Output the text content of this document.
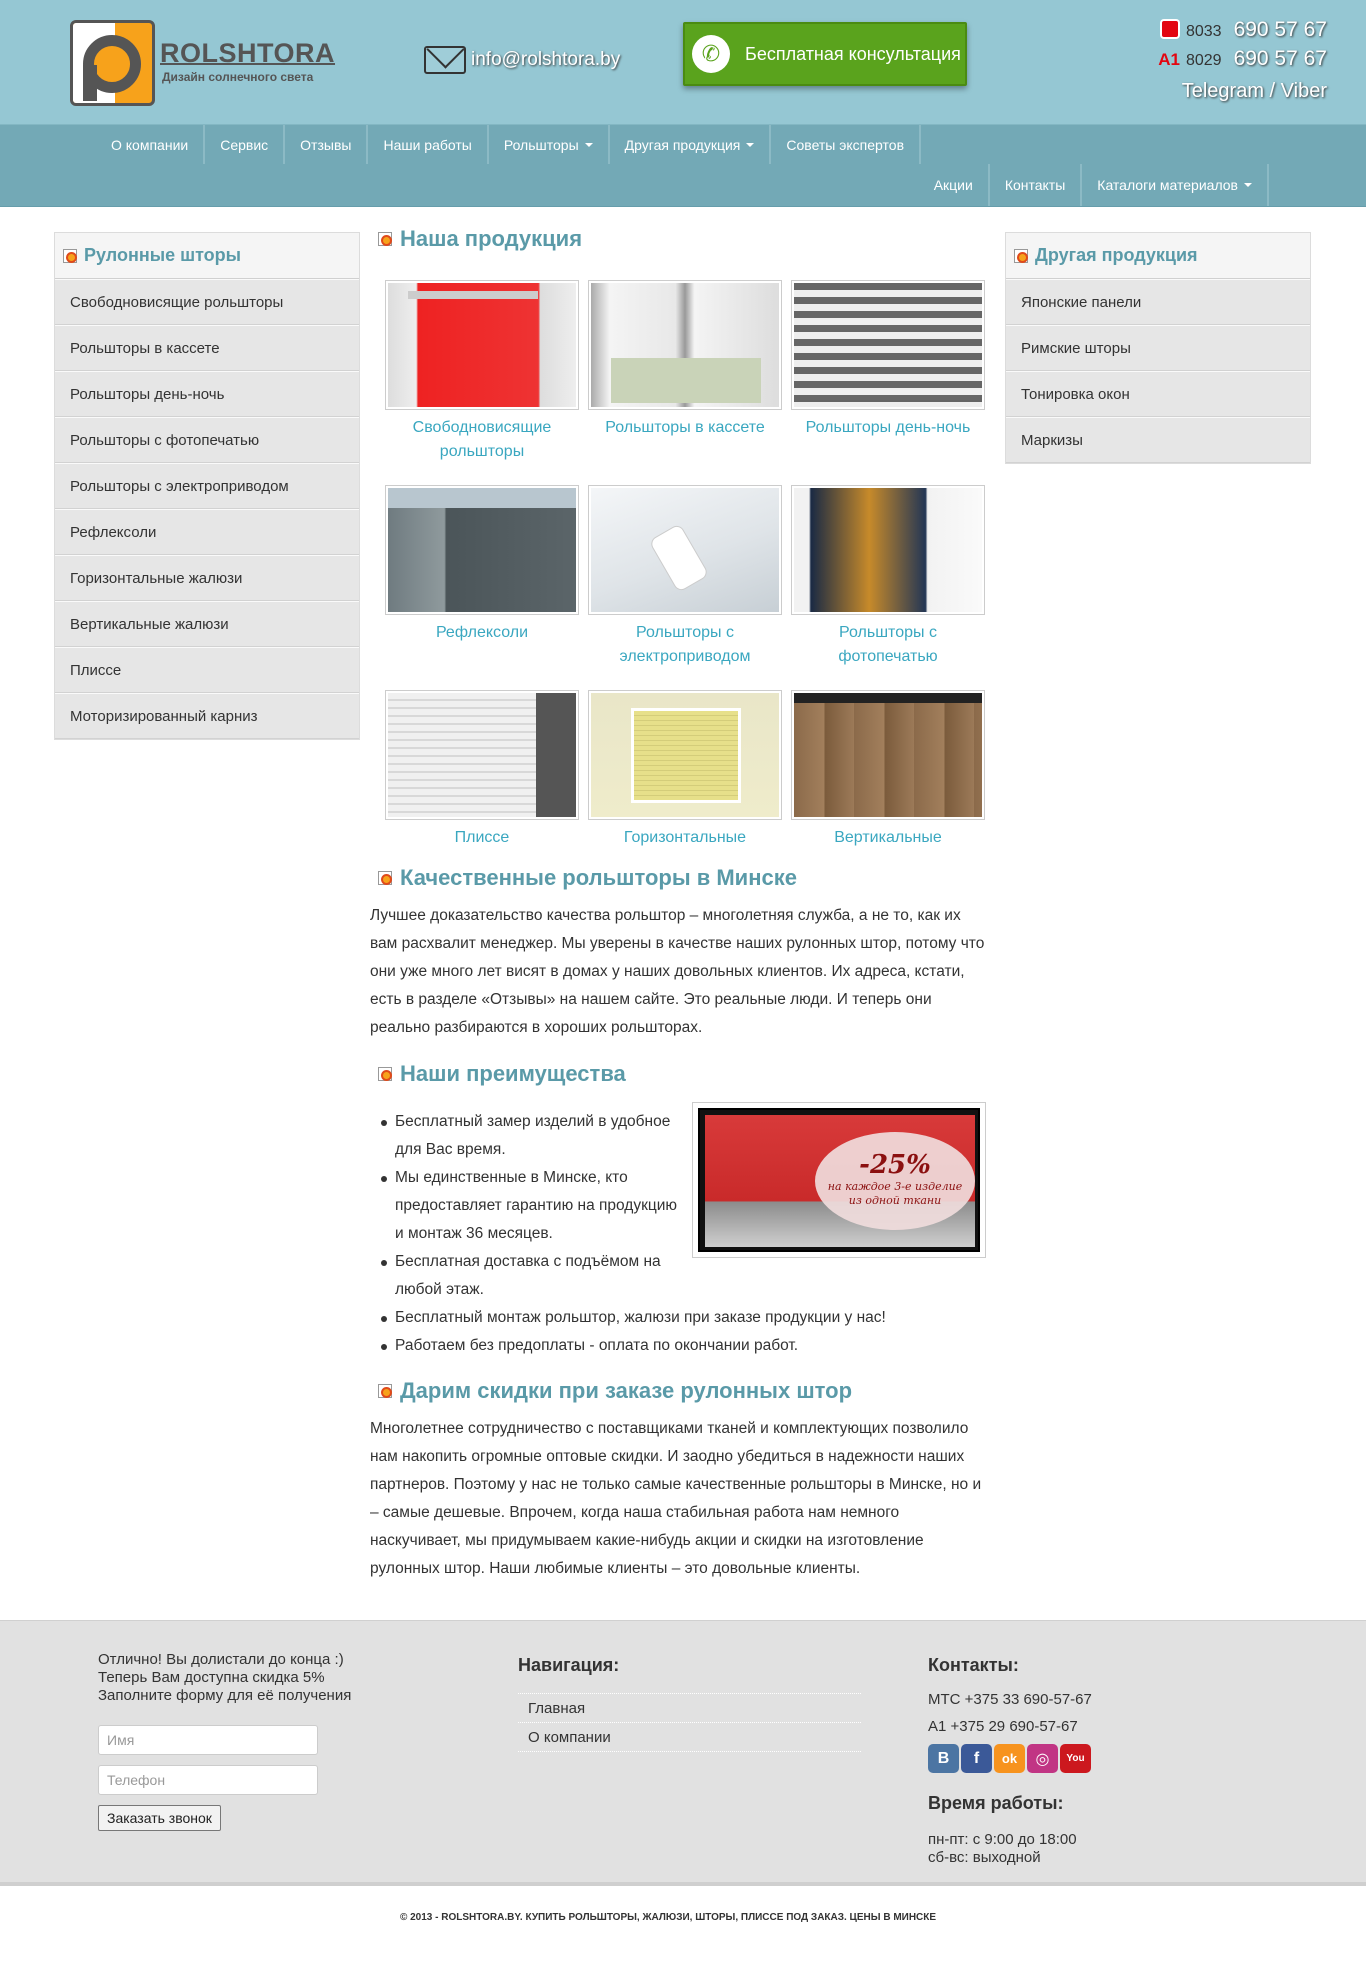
ROLSHTORA
Дизайн солнечного света
info@rolshtora.by	✆	Бесплатная консультация
8033 690 57 67
A1 8029 690 57 67
Telegram / Viber
О компании Сервис Отзывы Наши работы Рольшторы	Другая продукция	Советы экспертов
Акции Контакты Каталоги материалов
Рулонные шторы
Свободновисящие рольшторы
Рольшторы в кассете
Рольшторы день-ночь
Рольшторы с фотопечатью
Рольшторы с электроприводом
Рефлексоли
Горизонтальные жалюзи
Вертикальные жалюзи
Плиссе
Моторизированный карниз
Другая продукция
Японские панели
Римские шторы
Тонировка окон
Маркизы
Наша продукция
Свободновисящие рольшторы
Рольшторы в кассете	Рольшторы день-ночь
Рефлексоли	Рольшторы с электроприводом
Рольшторы с фотопечатью
Плиссе	Горизонтальные	Вертикальные
Качественные рольшторы в Минске
Лучшее доказательство качества рольштор – многолетняя служба, а не то, как их вам расхвалит менеджер. Мы уверены в качестве наших рулонных штор, потому что они уже много лет висят в домах у наших довольных клиентов. Их адреса, кстати, есть в разделе «Отзывы» на нашем сайте. Это реальные люди. И теперь они реально разбираются в хороших рольшторах.
Наши преимущества
Бесплатный замер изделий в удобное для Вас время.
Мы единственные в Минске, кто предоставляет гарантию на продукцию и монтаж 36 месяцев.
Бесплатная доставка с подъёмом на любой этаж.
Бесплатный монтаж рольштор, жалюзи при заказе продукции у нас!
Работаем без предоплаты - оплата по окончании работ.
-25%
на каждое 3-е изделие
из одной ткани
Дарим скидки при заказе рулонных штор
Многолетнее сотрудничество с поставщиками тканей и комплектующих позволило нам накопить огромные оптовые скидки. И заодно убедиться в надежности наших партнеров. Поэтому у нас не только самые качественные рольшторы в Минске, но и – самые дешевые. Впрочем, когда наша стабильная работа нам немного наскучивает, мы придумываем какие-нибудь акции и скидки на изготовление рулонных штор. Наши любимые клиенты – это довольные клиенты.
Отлично! Вы долистали до конца :)
Теперь Вам доступна скидка 5%
Заполните форму для её получения
Имя
Телефон
Заказать звонок
Навигация:
Главная
О компании
Контакты:
МТС +375 33 690-57-67
A1 +375 29 690-57-67
В	f	ok	◎	You
Время работы:
пн-пт: с 9:00 до 18:00
сб-вс: выходной
© 2013 - ROLSHTORA.BY. КУПИТЬ РОЛЬШТОРЫ, ЖАЛЮЗИ, ШТОРЫ, ПЛИССЕ ПОД ЗАКАЗ. ЦЕНЫ В МИНСКЕ
